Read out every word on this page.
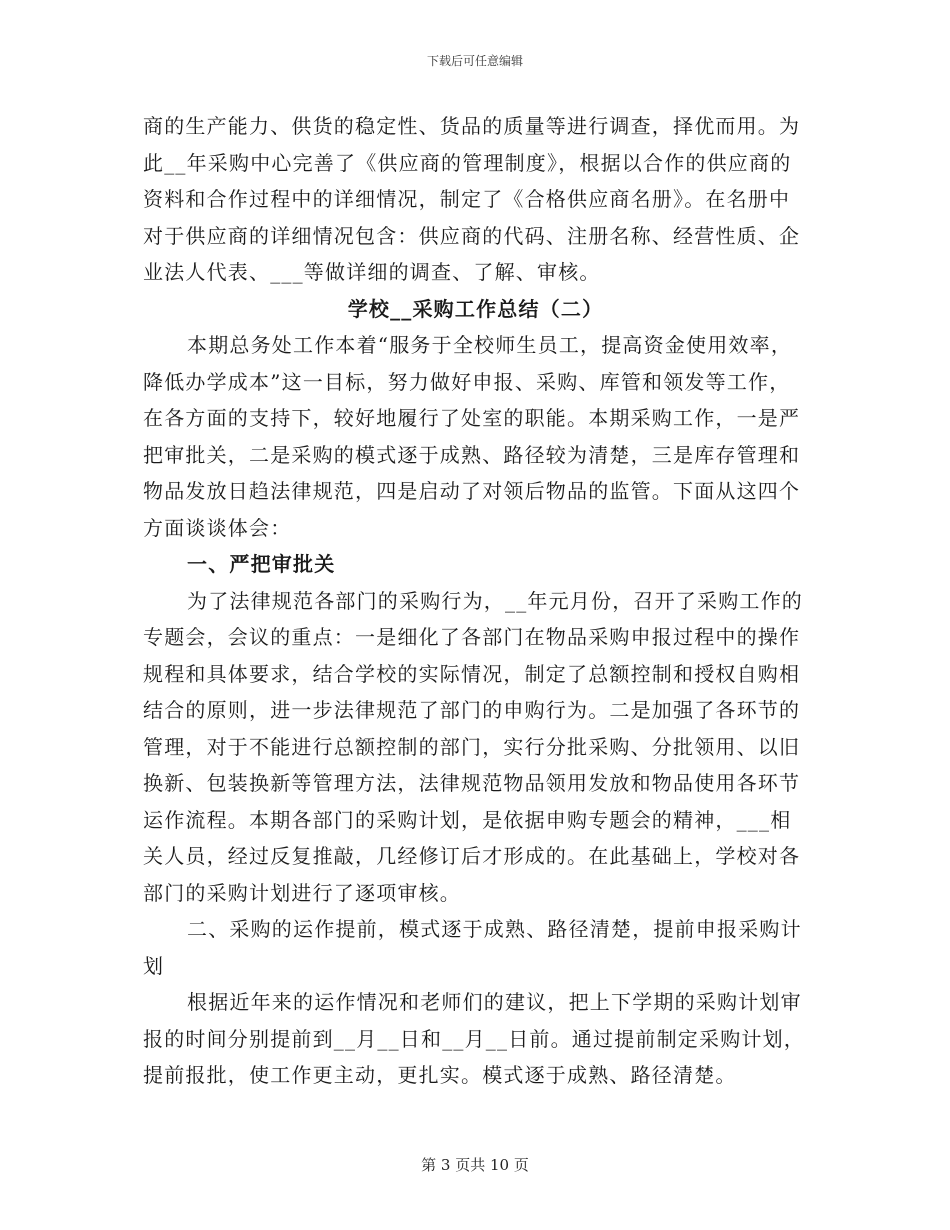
下载后可任意编辑

商的生产能力、供货的稳定性、货品的质量等进行调查，择优而用。为此__年采购中心完善了《供应商的管理制度》，根据以合作的供应商的资料和合作过程中的详细情况，制定了《合格供应商名册》。在名册中对于供应商的详细情况包含：供应商的代码、注册名称、经营性质、企业法人代表、___等做详细的调查、了解、审核。

学校__采购工作总结（二）

本期总务处工作本着“服务于全校师生员工，提高资金使用效率，降低办学成本”这一目标，努力做好申报、采购、库管和领发等工作，在各方面的支持下，较好地履行了处室的职能。本期采购工作，一是严把审批关，二是采购的模式逐于成熟、路径较为清楚，三是库存管理和物品发放日趋法律规范，四是启动了对领后物品的监管。下面从这四个方面谈谈体会：

一、严把审批关

为了法律规范各部门的采购行为，__年元月份，召开了采购工作的专题会，会议的重点：一是细化了各部门在物品采购申报过程中的操作规程和具体要求，结合学校的实际情况，制定了总额控制和授权自购相结合的原则，进一步法律规范了部门的申购行为。二是加强了各环节的管理，对于不能进行总额控制的部门，实行分批采购、分批领用、以旧换新、包装换新等管理方法，法律规范物品领用发放和物品使用各环节运作流程。本期各部门的采购计划，是依据申购专题会的精神，___相关人员，经过反复推敲，几经修订后才形成的。在此基础上，学校对各部门的采购计划进行了逐项审核。

二、采购的运作提前，模式逐于成熟、路径清楚，提前申报采购计划

根据近年来的运作情况和老师们的建议，把上下学期的采购计划审报的时间分别提前到__月__日和__月__日前。通过提前制定采购计划，提前报批，使工作更主动，更扎实。模式逐于成熟、路径清楚。

第 3 页共 10 页
